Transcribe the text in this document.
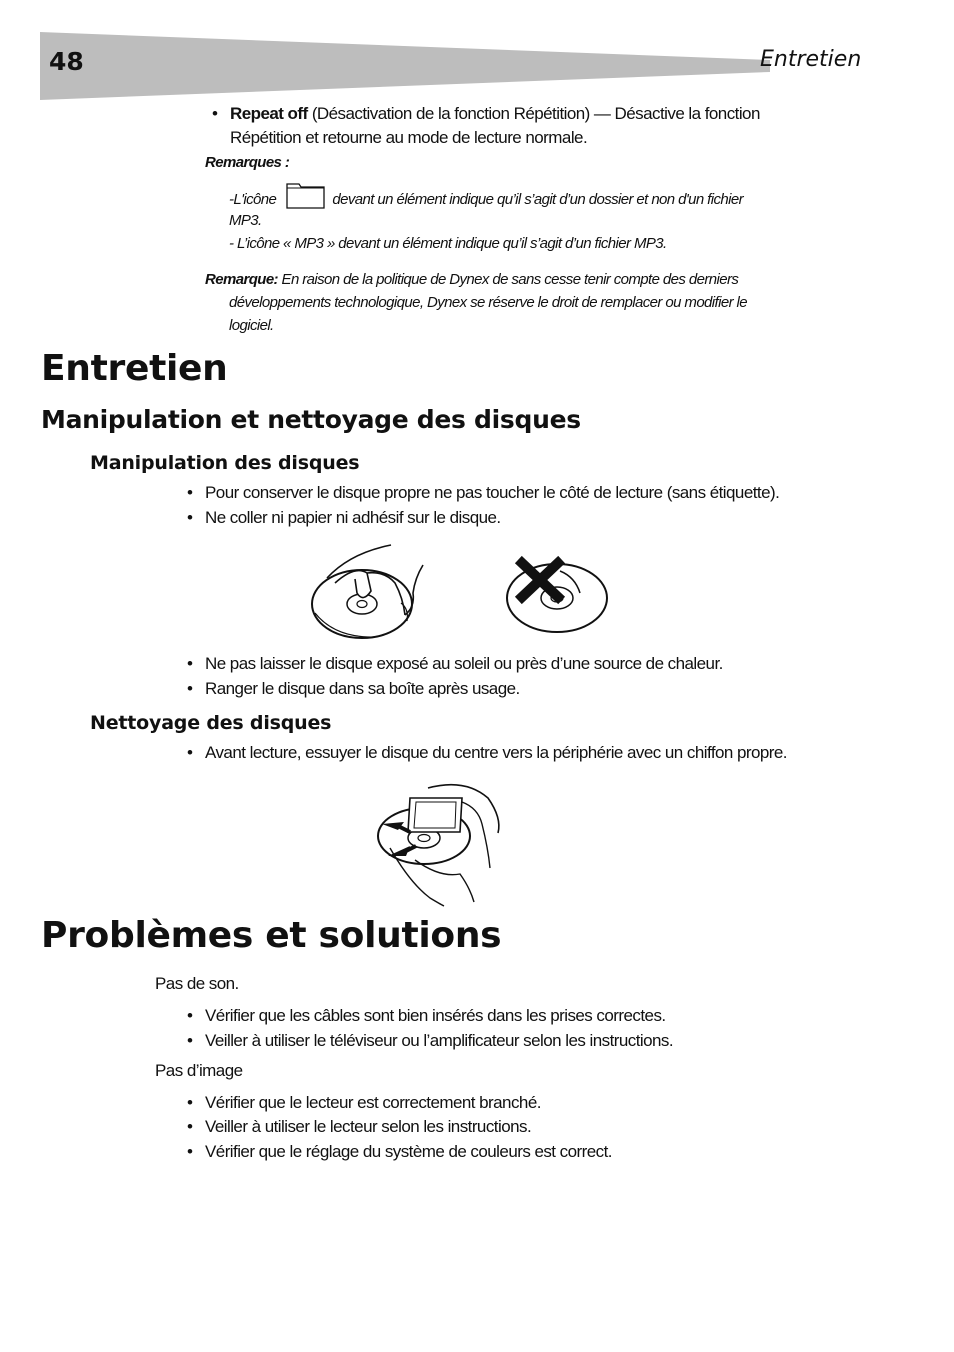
48	Entretien
• Repeat off (Désactivation de la fonction Répétition) — Désactive la fonction
Répétition et retourne au mode de lecture normale.
Remarques :
-L'icône	devant un élément indique qu’il s’agit d’un dossier et non d'un fichier
MP3.
- L’icône « MP3 » devant un élément indique qu’il s’agit d’un fichier MP3.
Remarque: En raison de la politique de Dynex de sans cesse tenir compte des derniers
développements technologique, Dynex se réserve le droit de remplacer ou modifier le
logiciel.
Entretien
Manipulation et nettoyage des disques
Manipulation des disques
• Pour conserver le disque propre ne pas toucher le côté de lecture (sans étiquette).
• Ne coller ni papier ni adhésif sur le disque.
• Ne pas laisser le disque exposé au soleil ou près d’une source de chaleur.
• Ranger le disque dans sa boîte après usage.
Nettoyage des disques
• Avant lecture, essuyer le disque du centre vers la périphérie avec un chiffon propre.
Problèmes et solutions
Pas de son.
• Vérifier que les câbles sont bien insérés dans les prises correctes.
• Veiller à utiliser le téléviseur ou l’amplificateur selon les instructions.
Pas d’image
• Vérifier que le lecteur est correctement branché.
• Veiller à utiliser le lecteur selon les instructions.
• Vérifier que le réglage du système de couleurs est correct.
